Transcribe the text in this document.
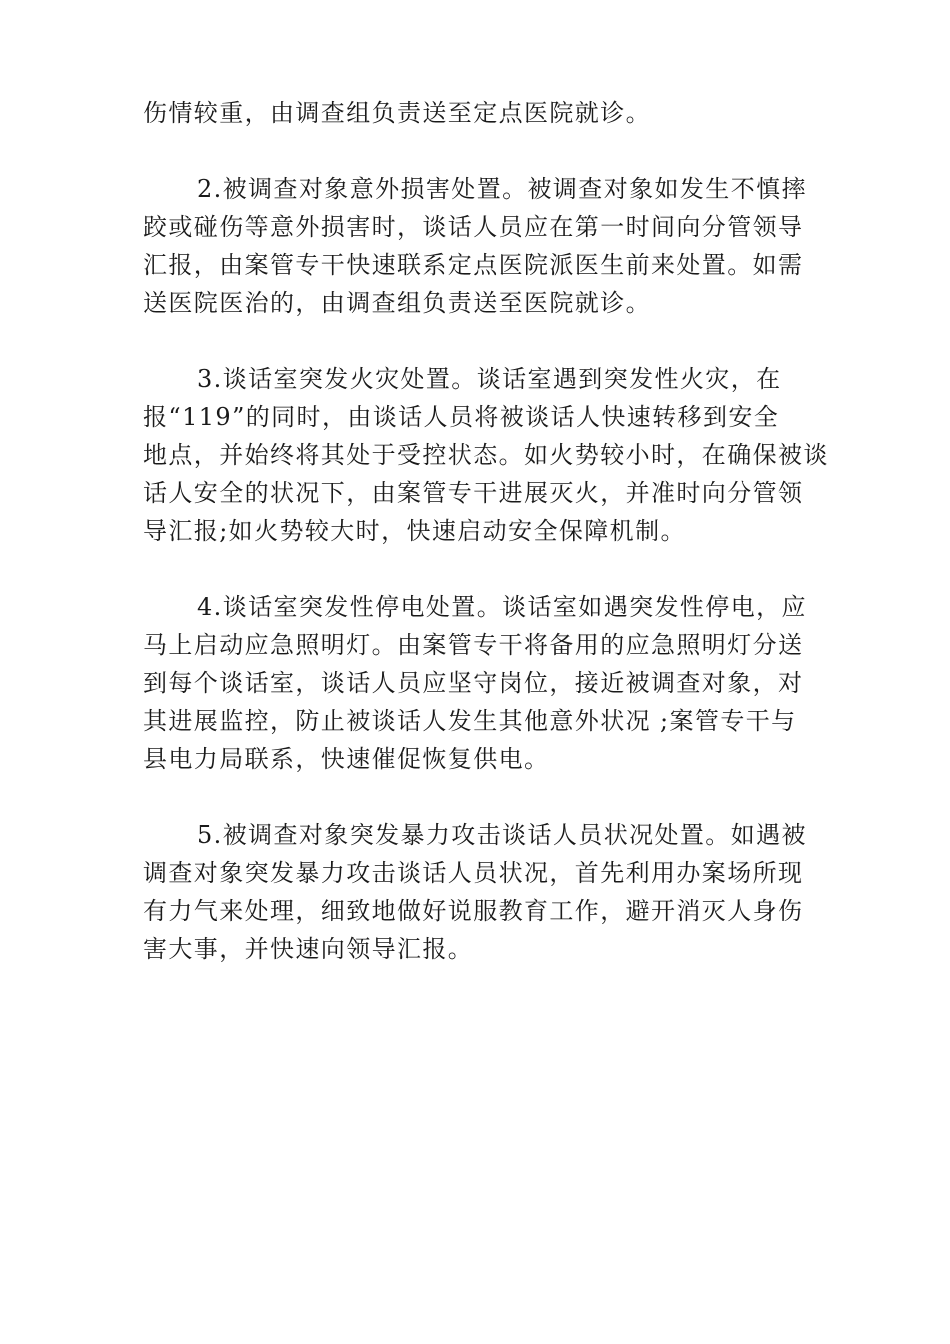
伤情较重，由调查组负责送至定点医院就诊。
2.被调查对象意外损害处置。被调查对象如发生不慎摔
跤或碰伤等意外损害时，谈话人员应在第一时间向分管领导
汇报，由案管专干快速联系定点医院派医生前来处置。如需
送医院医治的，由调查组负责送至医院就诊。
3.谈话室突发火灾处置。谈话室遇到突发性火灾，在
报“119”的同时，由谈话人员将被谈话人快速转移到安全
地点，并始终将其处于受控状态。如火势较小时，在确保被谈
话人安全的状况下，由案管专干进展灭火，并准时向分管领
导汇报;如火势较大时，快速启动安全保障机制。
4.谈话室突发性停电处置。谈话室如遇突发性停电，应
马上启动应急照明灯。由案管专干将备用的应急照明灯分送
到每个谈话室，谈话人员应坚守岗位，接近被调查对象，对
其进展监控，防止被谈话人发生其他意外状况 ;案管专干与
县电力局联系，快速催促恢复供电。
5.被调查对象突发暴力攻击谈话人员状况处置。如遇被
调查对象突发暴力攻击谈话人员状况，首先利用办案场所现
有力气来处理，细致地做好说服教育工作，避开消灭人身伤
害大事，并快速向领导汇报。
